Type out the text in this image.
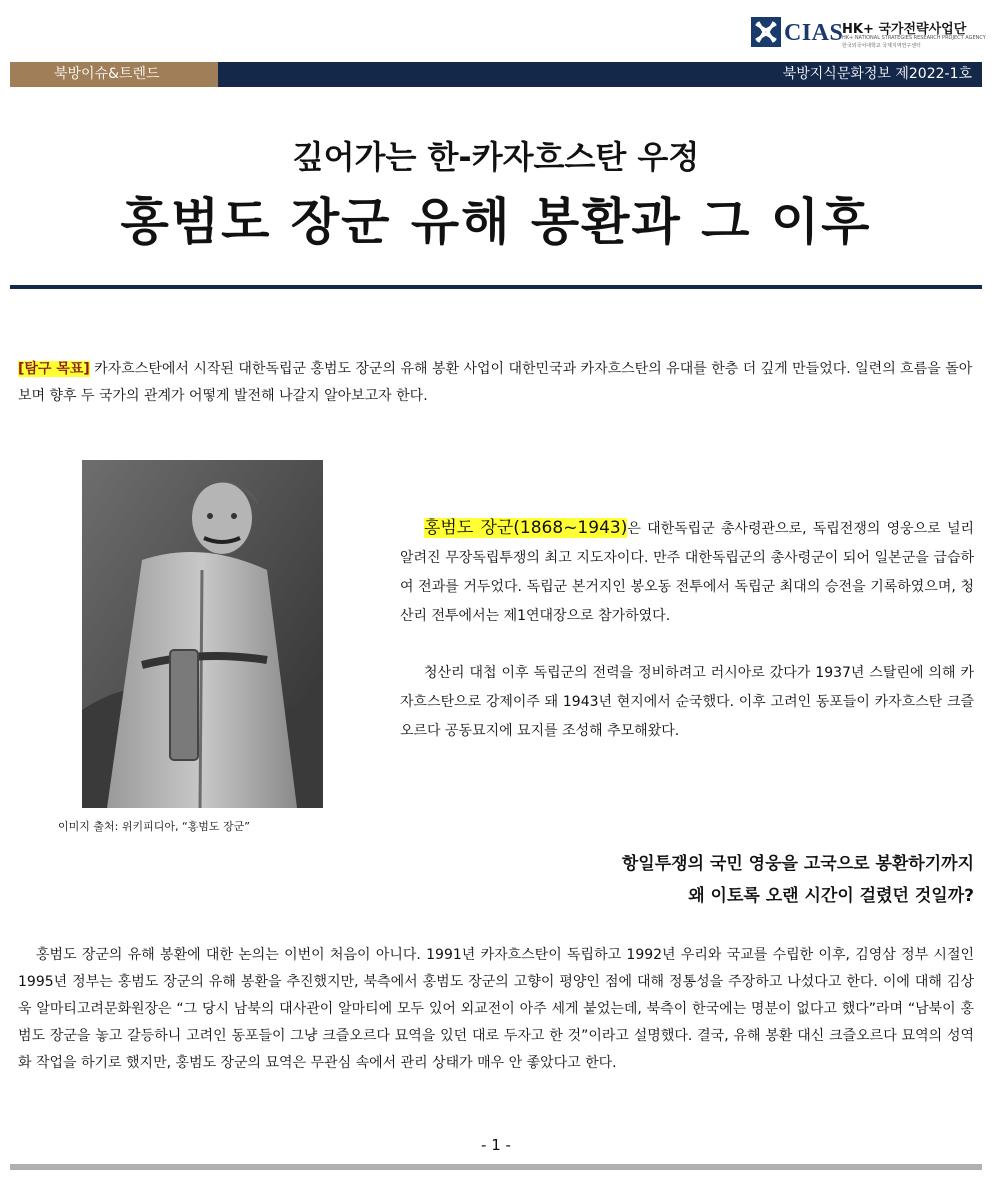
CIAS
HK+ 국가전략사업단
HK+ NATIONAL STRATEGIES RESEARCH PROJECT AGENCY
한국외국어대학교 국제지역연구센터
북방이슈&트렌드	북방지식문화정보 제2022-1호
깊어가는 한-카자흐스탄 우정
홍범도 장군 유해 봉환과 그 이후
[탐구 목표] 카자흐스탄에서 시작된 대한독립군 홍범도 장군의 유해 봉환 사업이 대한민국과 카자흐스탄의 유대를 한층 더 깊게 만들었다. 일련의 흐름을 돌아보며 향후 두 국가의 관계가 어떻게 발전해 나갈지 알아보고자 한다.
이미지 출처: 위키피디아, “홍범도 장군”

홍범도 장군(1868~1943)은 대한독립군 총사령관으로, 독립전쟁의 영웅으로 널리 알려진 무장독립투쟁의 최고 지도자이다. 만주 대한독립군의 총사령군이 되어 일본군을 급습하여 전과를 거두었다. 독립군 본거지인 봉오동 전투에서 독립군 최대의 승전을 기록하였으며, 청산리 전투에서는 제1연대장으로 참가하였다.

청산리 대첩 이후 독립군의 전력을 정비하려고 러시아로 갔다가 1937년 스탈린에 의해 카자흐스탄으로 강제이주 돼 1943년 현지에서 순국했다. 이후 고려인 동포들이 카자흐스탄 크즐오르다 공동묘지에 묘지를 조성해 추모해왔다.

항일투쟁의 국민 영웅을 고국으로 봉환하기까지
왜 이토록 오랜 시간이 걸렸던 것일까?

홍범도 장군의 유해 봉환에 대한 논의는 이번이 처음이 아니다. 1991년 카자흐스탄이 독립하고 1992년 우리와 국교를 수립한 이후, 김영삼 정부 시절인 1995년 정부는 홍범도 장군의 유해 봉환을 추진했지만, 북측에서 홍범도 장군의 고향이 평양인 점에 대해 정통성을 주장하고 나섰다고 한다. 이에 대해 김상욱 알마티고려문화원장은 “그 당시 남북의 대사관이 알마티에 모두 있어 외교전이 아주 세게 붙었는데, 북측이 한국에는 명분이 없다고 했다”라며 “남북이 홍범도 장군을 놓고 갈등하니 고려인 동포들이 그냥 크즐오르다 묘역을 있던 대로 두자고 한 것”이라고 설명했다. 결국, 유해 봉환 대신 크즐오르다 묘역의 성역화 작업을 하기로 했지만, 홍범도 장군의 묘역은 무관심 속에서 관리 상태가 매우 안 좋았다고 한다.

- 1 -
